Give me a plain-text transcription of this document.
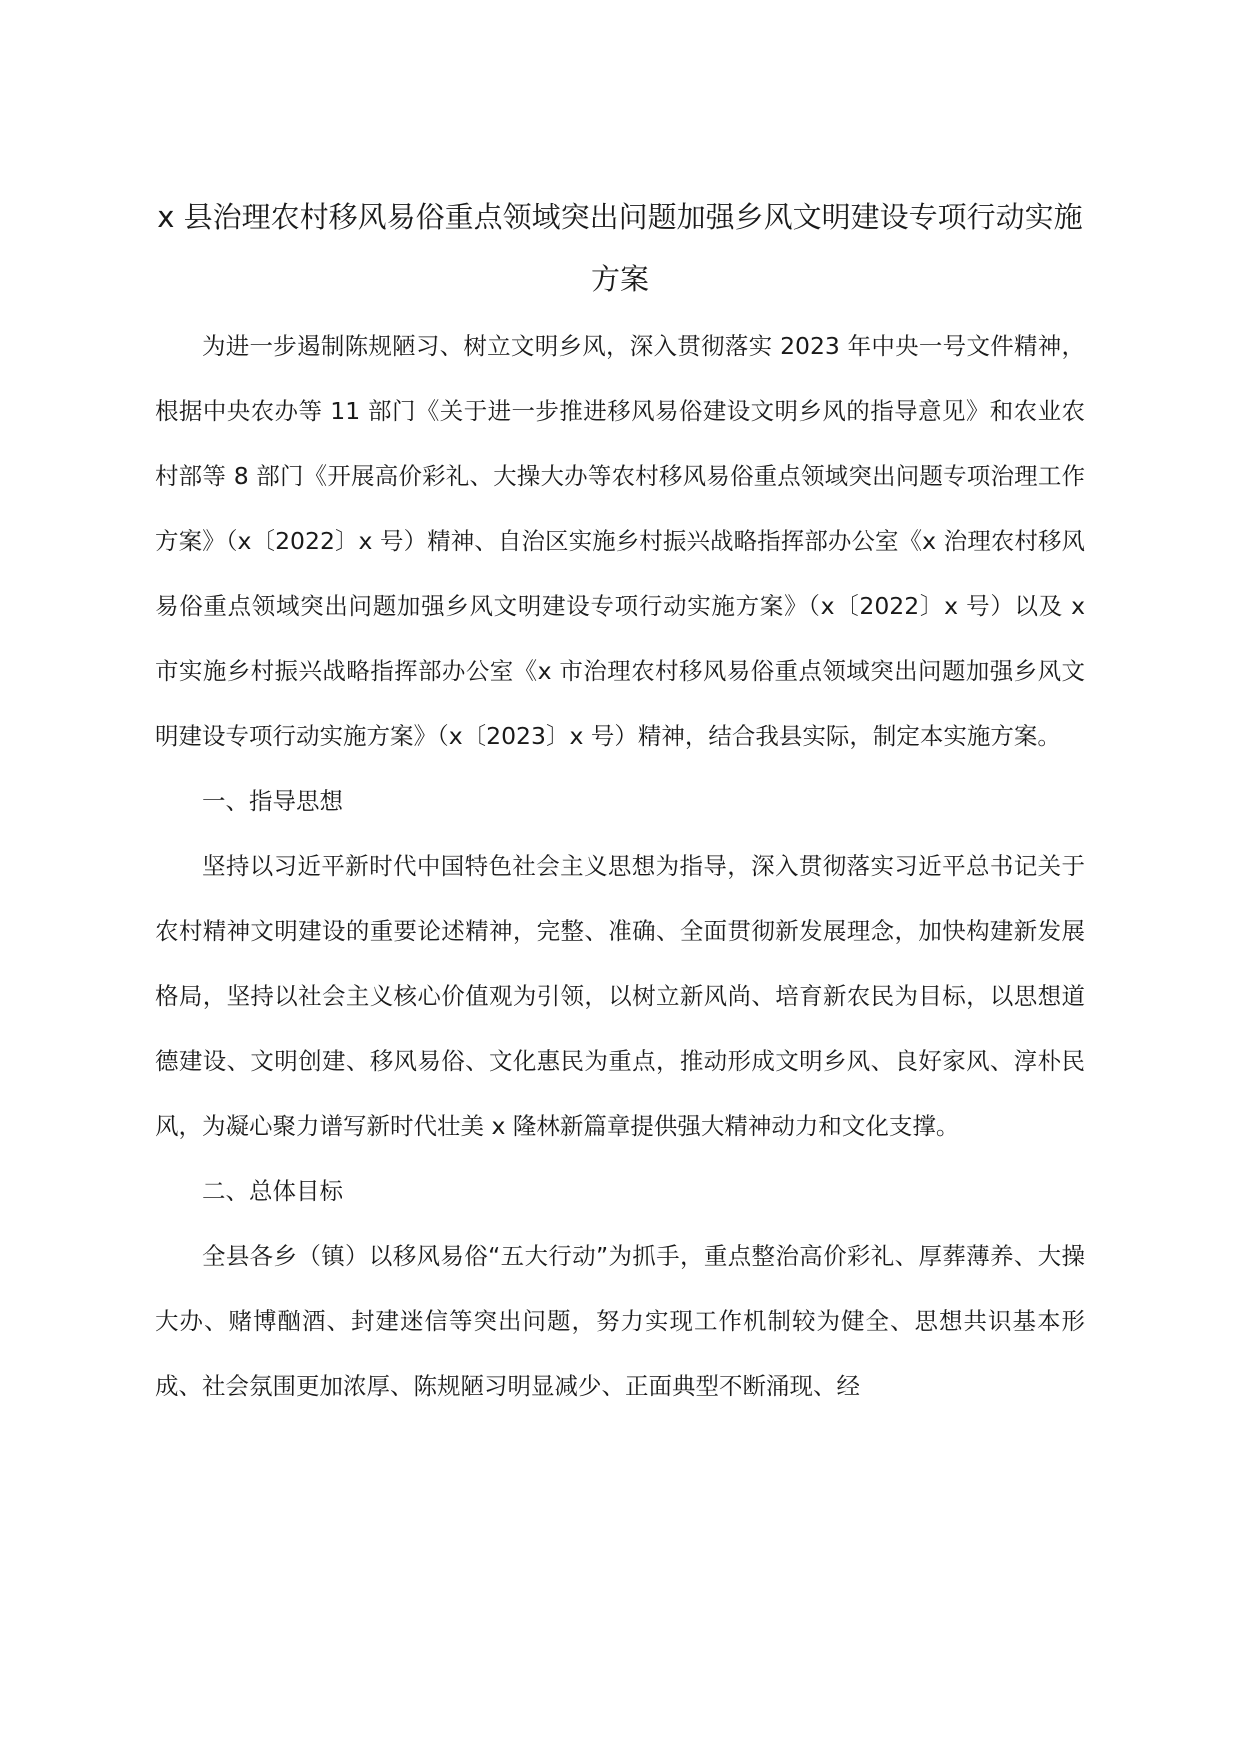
x 县治理农村移风易俗重点领域突出问题加强乡风文明建设专项行动实施方案

为进一步遏制陈规陋习、树立文明乡风，深入贯彻落实 2023 年中央一号文件精神，根据中央农办等 11 部门《关于进一步推进移风易俗建设文明乡风的指导意见》和农业农村部等 8 部门《开展高价彩礼、大操大办等农村移风易俗重点领域突出问题专项治理工作方案》（x〔2022〕x 号）精神、自治区实施乡村振兴战略指挥部办公室《x 治理农村移风易俗重点领域突出问题加强乡风文明建设专项行动实施方案》（x〔2022〕x 号）以及 x 市实施乡村振兴战略指挥部办公室《x 市治理农村移风易俗重点领域突出问题加强乡风文明建设专项行动实施方案》（x〔2023〕x 号）精神，结合我县实际，制定本实施方案。

一、指导思想

坚持以习近平新时代中国特色社会主义思想为指导，深入贯彻落实习近平总书记关于农村精神文明建设的重要论述精神，完整、准确、全面贯彻新发展理念，加快构建新发展格局，坚持以社会主义核心价值观为引领，以树立新风尚、培育新农民为目标，以思想道德建设、文明创建、移风易俗、文化惠民为重点，推动形成文明乡风、良好家风、淳朴民风，为凝心聚力谱写新时代壮美 x 隆林新篇章提供强大精神动力和文化支撑。

二、总体目标

全县各乡（镇）以移风易俗“五大行动”为抓手，重点整治高价彩礼、厚葬薄养、大操大办、赌博酗酒、封建迷信等突出问题，努力实现工作机制较为健全、思想共识基本形成、社会氛围更加浓厚、陈规陋习明显减少、正面典型不断涌现、经
